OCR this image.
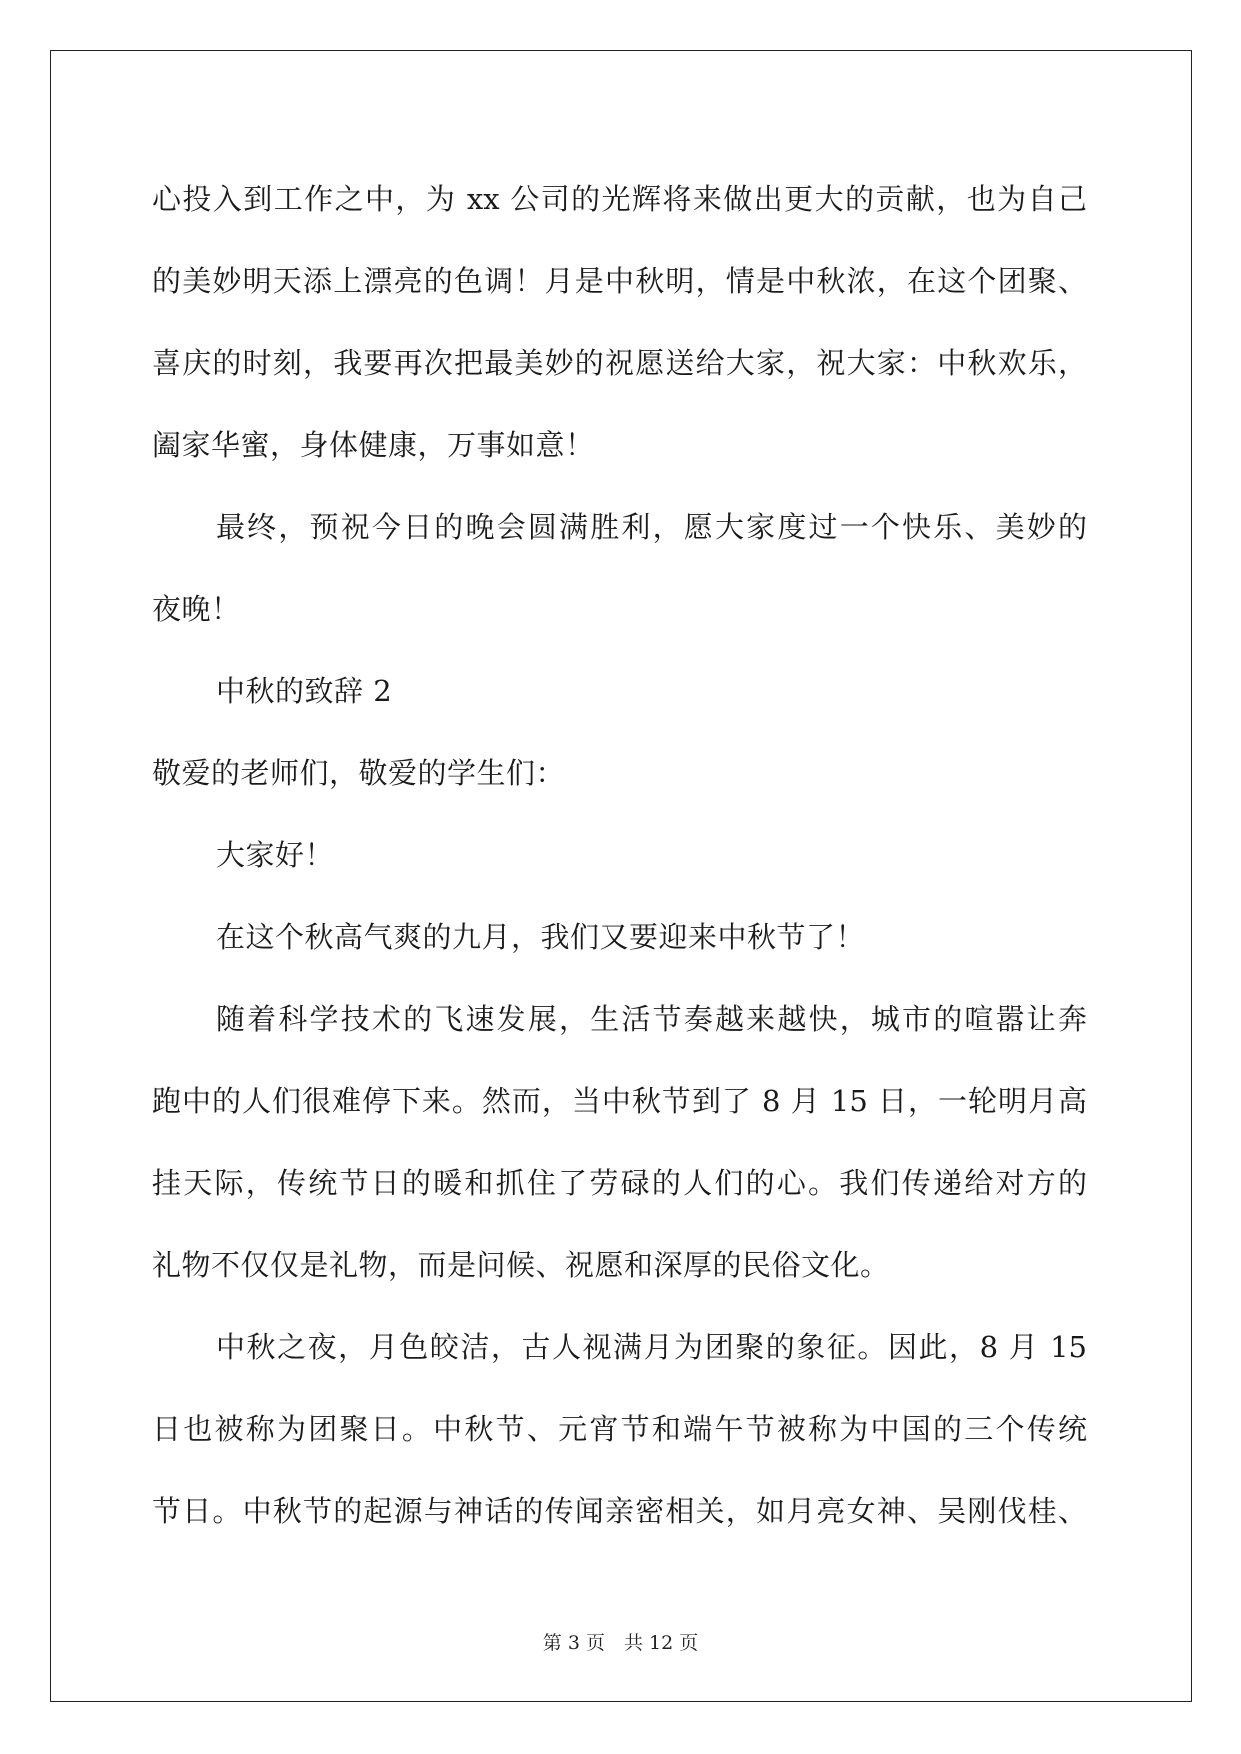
心投入到工作之中，为 xx 公司的光辉将来做出更大的贡献，也为自己
的美妙明天添上漂亮的色调！月是中秋明，情是中秋浓，在这个团聚、
喜庆的时刻，我要再次把最美妙的祝愿送给大家，祝大家：中秋欢乐，
阖家华蜜，身体健康，万事如意！
最终，预祝今日的晚会圆满胜利，愿大家度过一个快乐、美妙的
夜晚！
中秋的致辞 2
敬爱的老师们，敬爱的学生们：
大家好！
在这个秋高气爽的九月，我们又要迎来中秋节了！
随着科学技术的飞速发展，生活节奏越来越快，城市的喧嚣让奔
跑中的人们很难停下来。然而，当中秋节到了 8 月 15 日，一轮明月高
挂天际，传统节日的暖和抓住了劳碌的人们的心。我们传递给对方的
礼物不仅仅是礼物，而是问候、祝愿和深厚的民俗文化。
中秋之夜，月色皎洁，古人视满月为团聚的象征。因此，8 月 15
日也被称为团聚日。中秋节、元宵节和端午节被称为中国的三个传统
节日。中秋节的起源与神话的传闻亲密相关，如月亮女神、吴刚伐桂、
第 3 页　共 12 页
